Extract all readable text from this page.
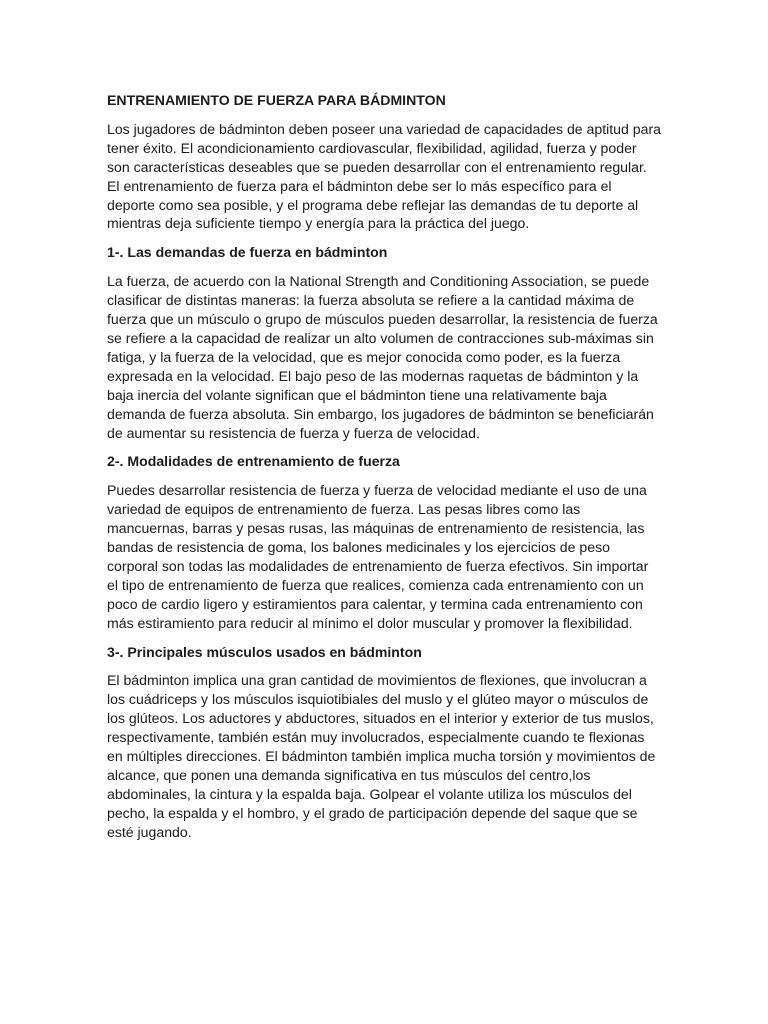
ENTRENAMIENTO DE FUERZA PARA BÁDMINTON

Los jugadores de bádminton deben poseer una variedad de capacidades de aptitud para tener éxito. El acondicionamiento cardiovascular, flexibilidad, agilidad, fuerza y poder son características deseables que se pueden desarrollar con el entrenamiento regular. El entrenamiento de fuerza para el bádminton debe ser lo más específico para el deporte como sea posible, y el programa debe reflejar las demandas de tu deporte al mientras deja suficiente tiempo y energía para la práctica del juego.

1-. Las demandas de fuerza en bádminton

La fuerza, de acuerdo con la National Strength and Conditioning Association, se puede clasificar de distintas maneras: la fuerza absoluta se refiere a la cantidad máxima de fuerza que un músculo o grupo de músculos pueden desarrollar, la resistencia de fuerza se refiere a la capacidad de realizar un alto volumen de contracciones sub-máximas sin fatiga, y la fuerza de la velocidad, que es mejor conocida como poder, es la fuerza expresada en la velocidad. El bajo peso de las modernas raquetas de bádminton y la baja inercia del volante significan que el bádminton tiene una relativamente baja demanda de fuerza absoluta. Sin embargo, los jugadores de bádminton se beneficiarán de aumentar su resistencia de fuerza y fuerza de velocidad.

2-. Modalidades de entrenamiento de fuerza

Puedes desarrollar resistencia de fuerza y fuerza de velocidad mediante el uso de una variedad de equipos de entrenamiento de fuerza. Las pesas libres como las mancuernas, barras y pesas rusas, las máquinas de entrenamiento de resistencia, las bandas de resistencia de goma, los balones medicinales y los ejercicios de peso corporal son todas las modalidades de entrenamiento de fuerza efectivos. Sin importar el tipo de entrenamiento de fuerza que realices, comienza cada entrenamiento con un poco de cardio ligero y estiramientos para calentar, y termina cada entrenamiento con más estiramiento para reducir al mínimo el dolor muscular y promover la flexibilidad.

3-. Principales músculos usados en bádminton

El bádminton implica una gran cantidad de movimientos de flexiones, que involucran a los cuádriceps y los músculos isquiotibiales del muslo y el glúteo mayor o músculos de los glúteos. Los aductores y abductores, situados en el interior y exterior de tus muslos, respectivamente, también están muy involucrados, especialmente cuando te flexionas en múltiples direcciones. El bádminton también implica mucha torsión y movimientos de alcance, que ponen una demanda significativa en tus músculos del centro,los abdominales, la cintura y la espalda baja. Golpear el volante utiliza los músculos del pecho, la espalda y el hombro, y el grado de participación depende del saque que se esté jugando.
